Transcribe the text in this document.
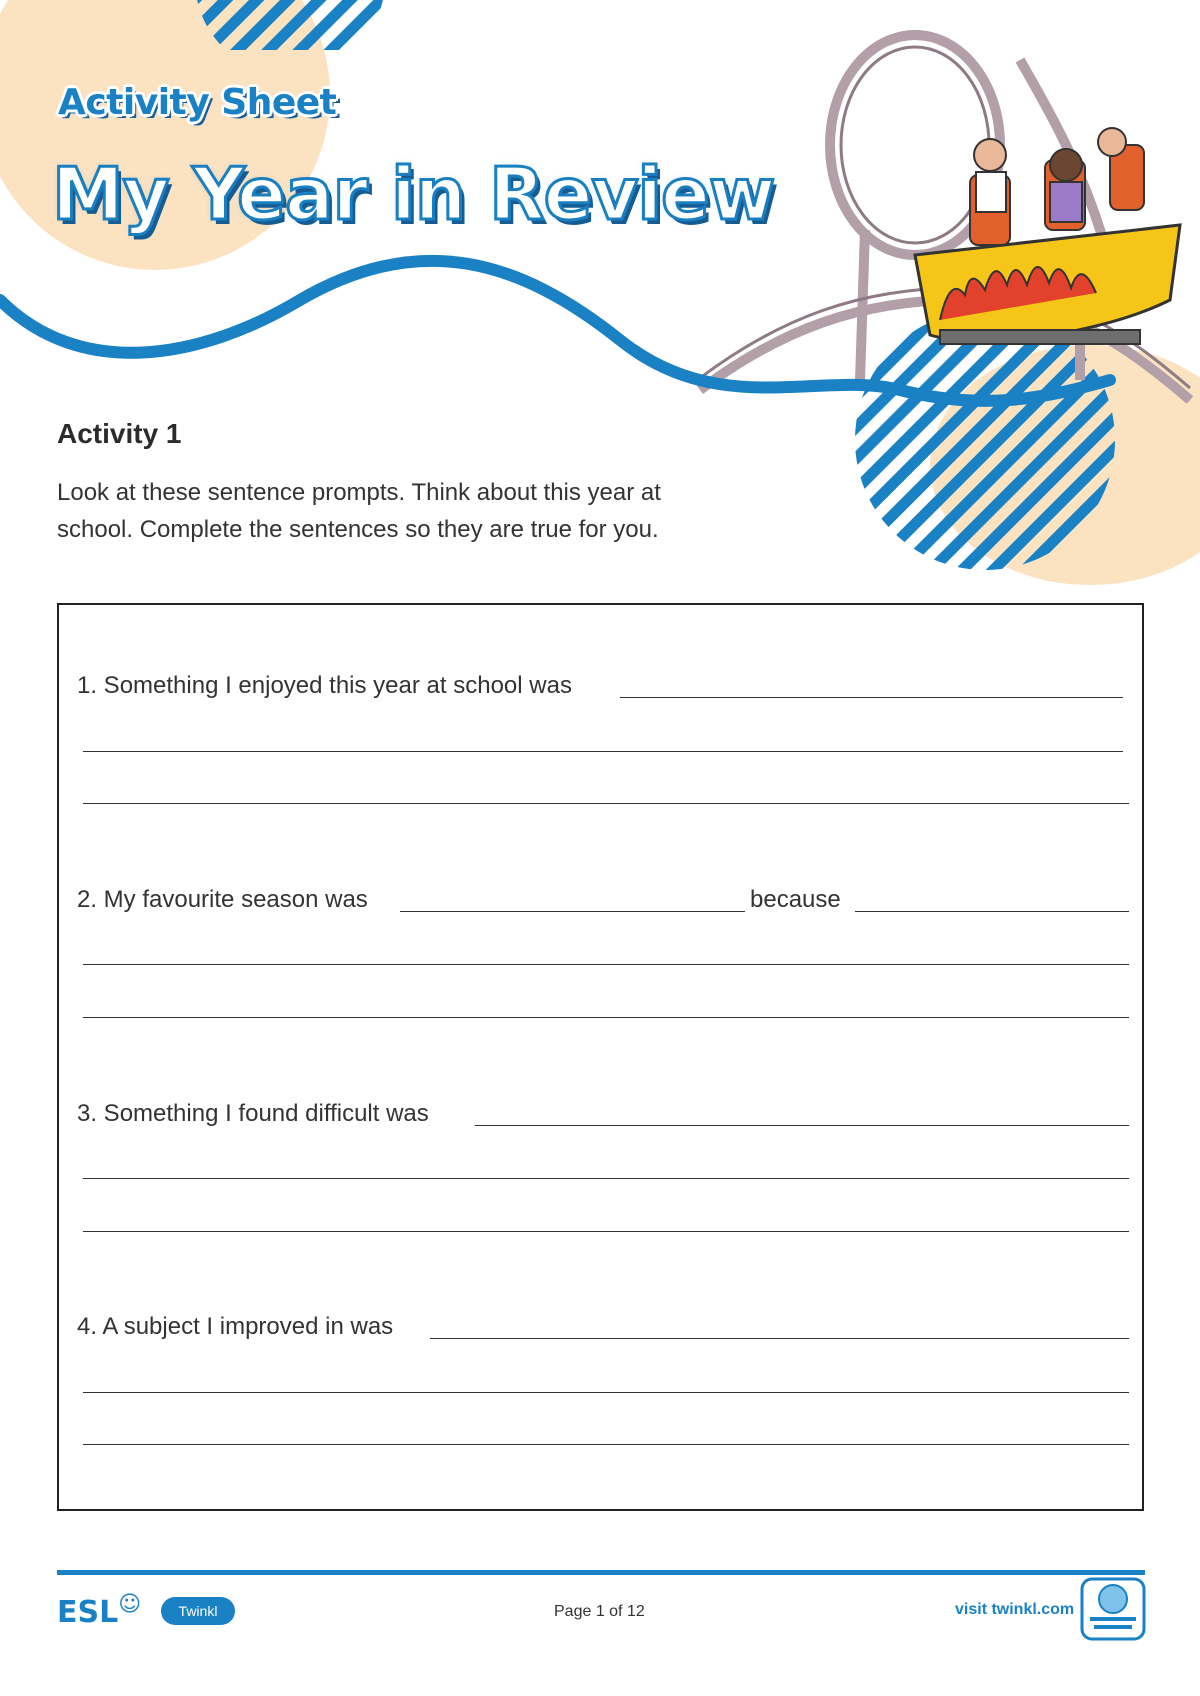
Activity Sheet
My Year in Review
Activity 1
Look at these sentence prompts. Think about this year at
school. Complete the sentences so they are true for you.
1. Something I enjoyed this year at school was
2. My favourite season was	because
3. Something I found difficult was
4. A subject I improved in was
ESL☺	Twinkl	Page 1 of 12	visit twinkl.com
